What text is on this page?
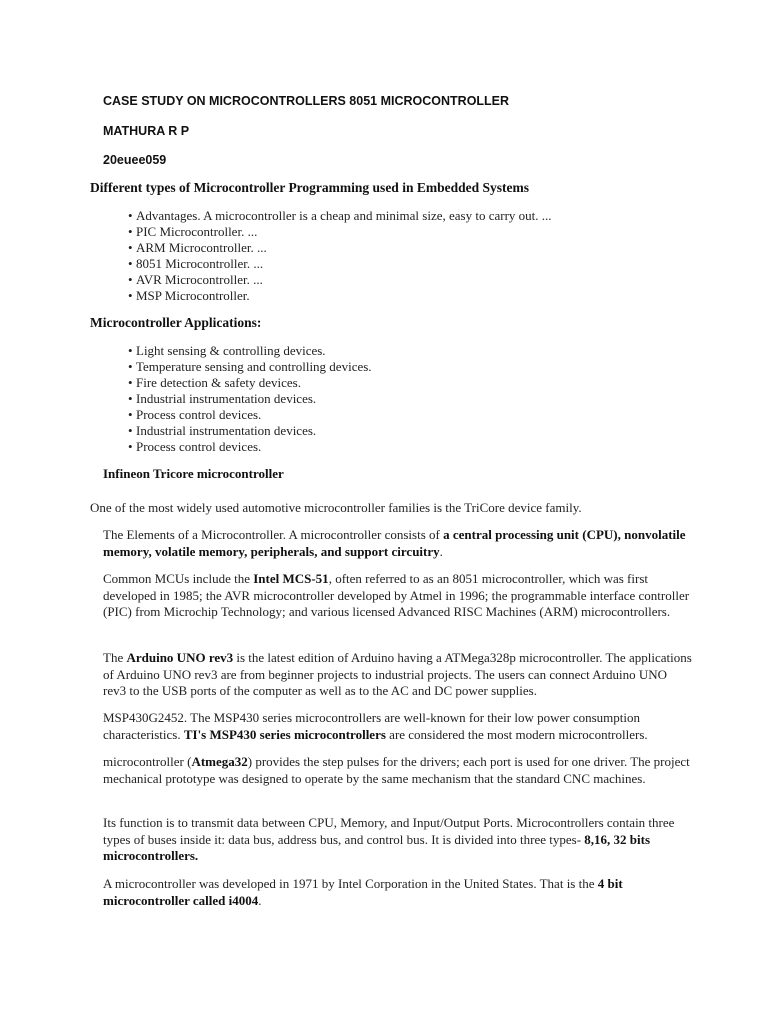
CASE STUDY ON MICROCONTROLLERS 8051 MICROCONTROLLER

MATHURA R P

20euee059

Different types of Microcontroller Programming used in Embedded Systems

• Advantages. A microcontroller is a cheap and minimal size, easy to carry out. ...
• PIC Microcontroller. ...
• ARM Microcontroller. ...
• 8051 Microcontroller. ...
• AVR Microcontroller. ...
• MSP Microcontroller.

Microcontroller Applications:

• Light sensing & controlling devices.
• Temperature sensing and controlling devices.
• Fire detection & safety devices.
• Industrial instrumentation devices.
• Process control devices.
• Industrial instrumentation devices.
• Process control devices.

Infineon Tricore microcontroller

One of the most widely used automotive microcontroller families is the TriCore device family.

The Elements of a Microcontroller. A microcontroller consists of a central processing unit (CPU), nonvolatile memory, volatile memory, peripherals, and support circuitry.

Common MCUs include the Intel MCS-51, often referred to as an 8051 microcontroller, which was first developed in 1985; the AVR microcontroller developed by Atmel in 1996; the programmable interface controller (PIC) from Microchip Technology; and various licensed Advanced RISC Machines (ARM) microcontrollers.

The Arduino UNO rev3 is the latest edition of Arduino having a ATMega328p microcontroller. The applications of Arduino UNO rev3 are from beginner projects to industrial projects. The users can connect Arduino UNO rev3 to the USB ports of the computer as well as to the AC and DC power supplies.

MSP430G2452. The MSP430 series microcontrollers are well-known for their low power consumption characteristics. TI's MSP430 series microcontrollers are considered the most modern microcontrollers.

microcontroller (Atmega32) provides the step pulses for the drivers; each port is used for one driver. The project mechanical prototype was designed to operate by the same mechanism that the standard CNC machines.

Its function is to transmit data between CPU, Memory, and Input/Output Ports. Microcontrollers contain three types of buses inside it: data bus, address bus, and control bus. It is divided into three types- 8,16, 32 bits microcontrollers.

A microcontroller was developed in 1971 by Intel Corporation in the United States. That is the 4 bit microcontroller called i4004.
